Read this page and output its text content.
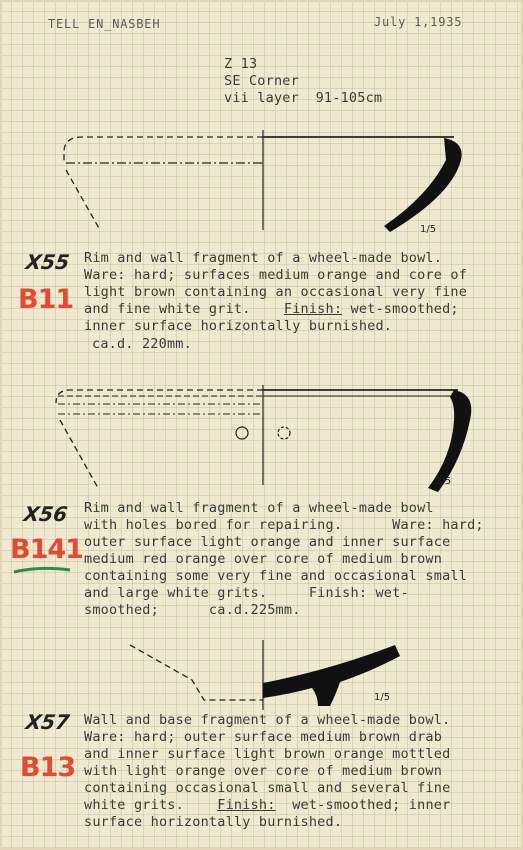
TELL EN_NASBEH	July 1,1935
Z 13
SE Corner
vii layer  91-105cm
1/5
1/5
1/5
X55
B11
Rim and wall fragment of a wheel-made bowl.
Ware: hard; surfaces medium orange and core of
light brown containing an occasional very fine
and fine white grit. Finish: wet-smoothed;
inner surface horizontally burnished.
ca.d. 220mm.
X56
B141
Rim and wall fragment of a wheel-made bowl
with holes bored for repairing.      Ware: hard;
outer surface light orange and inner surface
medium red orange over core of medium brown
containing some very fine and occasional small
and large white grits.     Finish: wet-
smoothed;      ca.d.225mm.
X57
B13
Wall and base fragment of a wheel-made bowl.
Ware: hard; outer surface medium brown drab
and inner surface light brown orange mottled
with light orange over core of medium brown
containing occasional small and several fine
white grits. Finish: wet-smoothed; inner
surface horizontally burnished.
